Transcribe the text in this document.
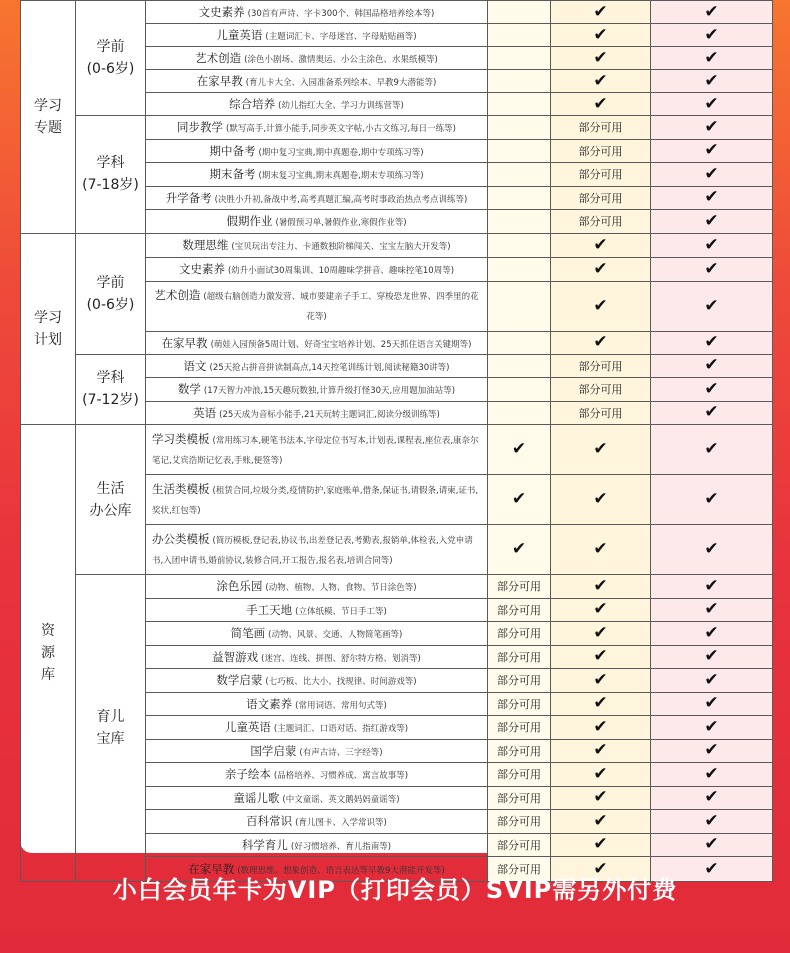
学习
专题	学前
(0-6岁)	文史素养 (30首有声诗、字卡300个、韩国品格培养绘本等)		✔	✔
		儿童英语 (主题词汇卡、字母迷宫、字母贴贴画等)		✔	✔
		艺术创造 (涂色小剧场、激情奥运、小公主涂色、水果纸模等)		✔	✔
		在家早教 (育儿卡大全、入园准备系列绘本、早教9大潜能等)		✔	✔
		综合培养 (幼儿指红大全、学习力训练营等)		✔	✔
	学科
(7-18岁)	同步教学 (默写高手,计算小能手,同步英文字帖,小古文练习,每日一练等)		部分可用	✔
		期中备考 (期中复习宝典,期中真题卷,期中专项练习等)		部分可用	✔
		期末备考 (期末复习宝典,期末真题卷,期末专项练习等)		部分可用	✔
		升学备考 (决胜小升初,备战中考,高考真题汇编,高考时事政治热点考点训练等)		部分可用	✔
		假期作业 (暑假预习单,暑假作业,寒假作业等)		部分可用	✔
学习
计划	学前
(0-6岁)	数理思维 (宝贝玩出专注力、卡通数独阶梯闯关、宝宝左脑大开发等)		✔	✔
		文史素养 (幼升小面试30周集训、10周趣味学拼音、趣味控笔10周等)		✔	✔
		艺术创造 (超级右脑创造力激发营、城市要建亲子手工、穿梭恐龙世界、四季里的花花等)		✔	✔
		在家早教 (萌娃入园预备5周计划、好奇宝宝培养计划、25天抓住语言关键期等)		✔	✔
	学科
(7-12岁)	语文 (25天抢占拼音拼读制高点,14天控笔训练计划,阅读秘籍30讲等)		部分可用	✔
		数学 (17天智力冲浪,15天趣玩数独,计算升级打怪30天,应用题加油站等)		部分可用	✔
		英语 (25天成为音标小能手,21天玩转主题词汇,阅读分级训练等)		部分可用	✔
资
源
库	生活
办公库	学习类模板 (常用练习本,硬笔书法本,字母定位书写本,计划表,课程表,座位表,康奈尔笔记,艾宾浩斯记忆表,手账,便签等)	✔	✔	✔
		生活类模板 (租赁合同,垃圾分类,疫情防护,家庭账单,借条,保证书,请假条,请柬,证书,奖状,红包等)	✔	✔	✔
		办公类模板 (简历模板,登记表,协议书,出差登记表,考勤表,报销单,体检表,入党申请书,入团申请书,婚前协议,装修合同,开工报告,报名表,培训合同等)	✔	✔	✔
	育儿
宝库	涂色乐园 (动物、植物、人物、食物、节日涂色等)	部分可用	✔	✔
		手工天地 (立体纸模、节日手工等)	部分可用	✔	✔
		简笔画 (动物、风景、交通、人物简笔画等)	部分可用	✔	✔
		益智游戏 (迷宫、连线、拼图、舒尔特方格、划消等)	部分可用	✔	✔
		数学启蒙 (七巧板、比大小、找规律、时间游戏等)	部分可用	✔	✔
		语文素养 (常用词语、常用句式等)	部分可用	✔	✔
		儿童英语 (主题词汇、口语对话、指红游戏等)	部分可用	✔	✔
		国学启蒙 (有声古诗、三字经等)	部分可用	✔	✔
		亲子绘本 (品格培养、习惯养成、寓言故事等)	部分可用	✔	✔
		童谣儿歌 (中文童谣、英文鹅妈妈童谣等)	部分可用	✔	✔
		百科常识 (育儿图卡、入学常识等)	部分可用	✔	✔
		科学育儿 (好习惯培养、育儿指南等)	部分可用	✔	✔
		在家早教 (数理思维、想象创造、语言表达等早教9大潜能开发等)	部分可用	✔	✔
小白会员年卡为VIP（打印会员）SVIP需另外付费
